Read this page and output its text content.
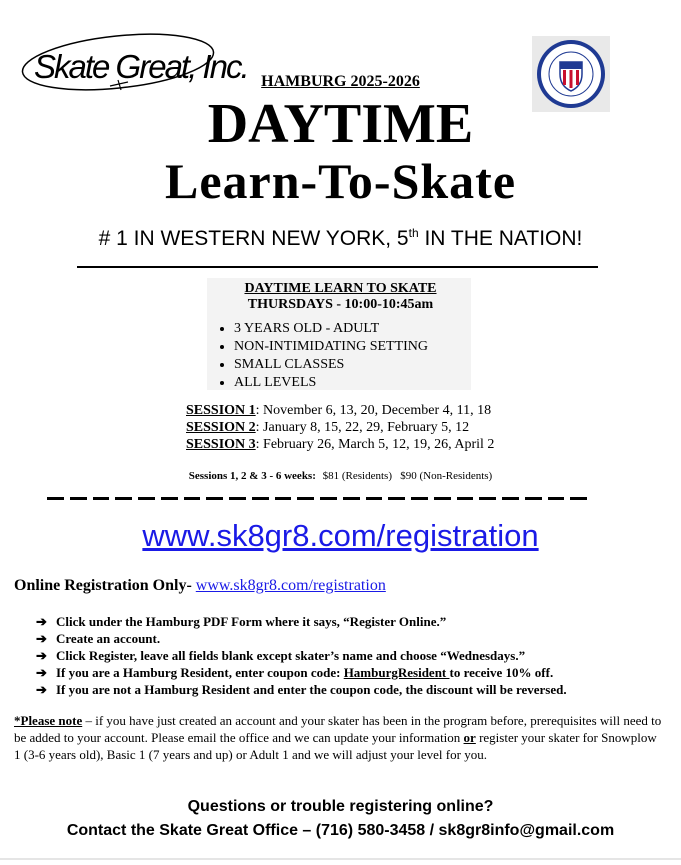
Skate Great, Inc. HAMBURG 2025-2026
DAYTIME
Learn-To-Skate
# 1 IN WESTERN NEW YORK, 5th IN THE NATION!
DAYTIME LEARN TO SKATE
THURSDAYS - 10:00-10:45am
• 3 YEARS OLD - ADULT
• NON-INTIMIDATING SETTING
• SMALL CLASSES
• ALL LEVELS
SESSION 1: November 6, 13, 20, December 4, 11, 18
SESSION 2: January 8, 15, 22, 29, February 5, 12
SESSION 3: February 26, March 5, 12, 19, 26, April 2
Sessions 1, 2 & 3 - 6 weeks: $81 (Residents) $90 (Non-Residents)
www.sk8gr8.com/registration
Online Registration Only- www.sk8gr8.com/registration
➔ Click under the Hamburg PDF Form where it says, “Register Online.”
➔ Create an account.
➔ Click Register, leave all fields blank except skater’s name and choose “Wednesdays.”
➔ If you are a Hamburg Resident, enter coupon code: HamburgResident to receive 10% off.
➔ If you are not a Hamburg Resident and enter the coupon code, the discount will be reversed.
*Please note – if you have just created an account and your skater has been in the program before, prerequisites will need to be added to your account. Please email the office and we can update your information or register your skater for Snowplow 1 (3-6 years old), Basic 1 (7 years and up) or Adult 1 and we will adjust your level for you.
Questions or trouble registering online?
Contact the Skate Great Office – (716) 580-3458 / sk8gr8info@gmail.com
